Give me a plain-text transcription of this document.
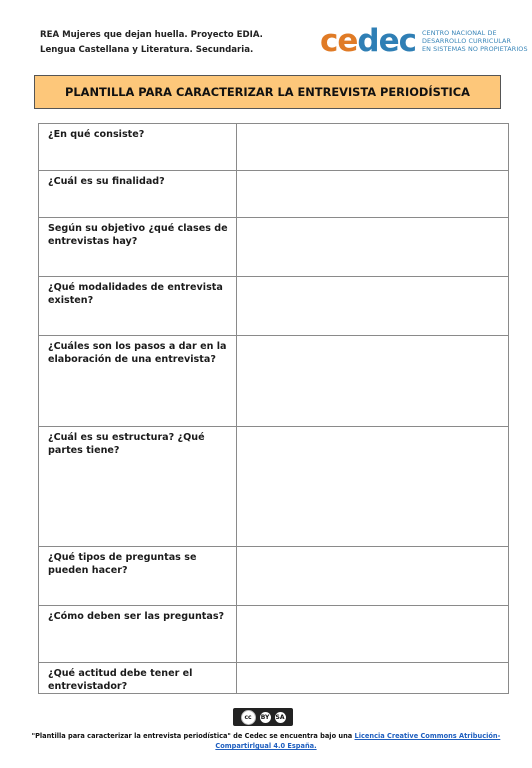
REA Mujeres que dejan huella. Proyecto EDIA.
Lengua Castellana y Literatura. Secundaria.	cedec CENTRO NACIONAL DE
DESARROLLO CURRICULAR
EN SISTEMAS NO PROPIETARIOS
PLANTILLA PARA CARACTERIZAR LA ENTREVISTA PERIODÍSTICA
¿En qué consiste?	
¿Cuál es su finalidad?	
Según su objetivo ¿qué clases de entrevistas hay?	
¿Qué modalidades de entrevista existen?	
¿Cuáles son los pasos a dar en la elaboración de una entrevista?	
¿Cuál es su estructura? ¿Qué partes tiene?	
¿Qué tipos de preguntas se pueden hacer?	
¿Cómo deben ser las preguntas?	
¿Qué actitud debe tener el entrevistador?	
cc	BY SA
"Plantilla para caracterizar la entrevista periodística" de Cedec se encuentra bajo una Licencia Creative Commons Atribución-Compartirlgual 4.0 España.
